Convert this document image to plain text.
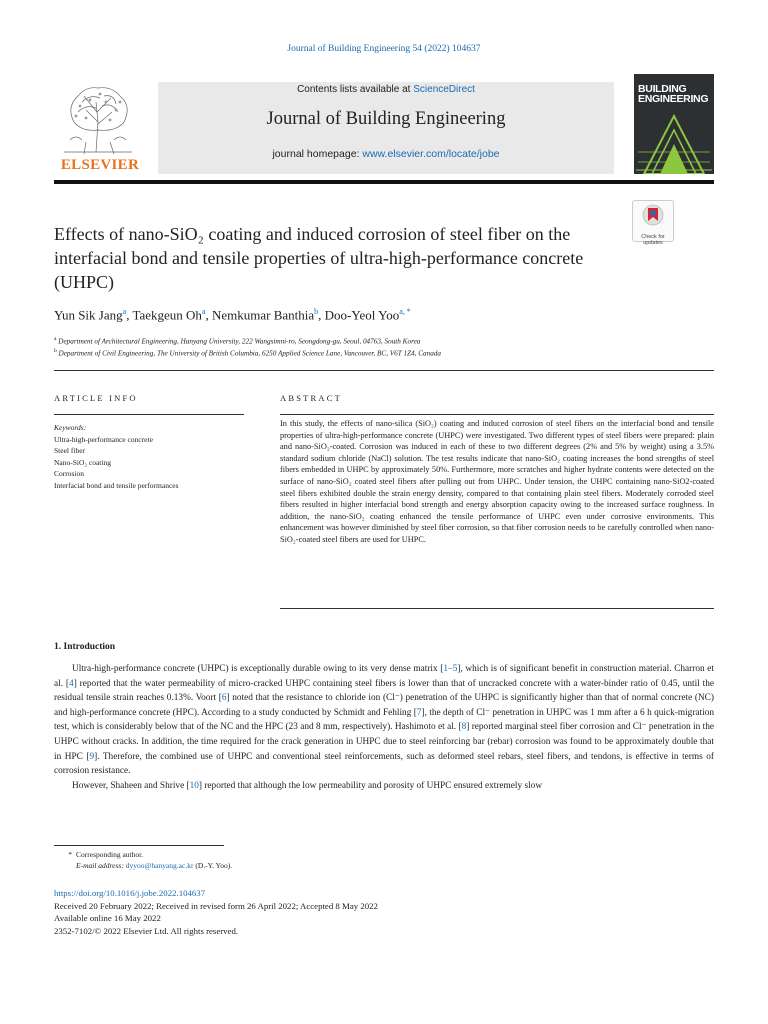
Journal of Building Engineering 54 (2022) 104637
ELSEVIER
Contents lists available at ScienceDirect
Journal of Building Engineering
journal homepage: www.elsevier.com/locate/jobe
BUILDING
ENGINEERING
Check for
updates
Effects of nano-SiO₂ coating and induced corrosion of steel fiber on the interfacial bond and tensile properties of ultra-high-performance concrete (UHPC)
Yun Sik Jang$^a$, Taekgeun Oh$^a$, Nemkumar Banthia$^b$, Doo-Yeol Yoo$^{a, *}$
$^a$ Department of Architectural Engineering, Hanyang University, 222 Wangsimni-ro, Seongdong-gu, Seoul, 04763, South Korea
$^b$ Department of Civil Engineering, The University of British Columbia, 6250 Applied Science Lane, Vancouver, BC, V6T 1Z4, Canada
ARTICLE INFO
Keywords:
Ultra-high-performance concrete
Steel fiber
Nano-SiO₂ coating
Corrosion
Interfacial bond and tensile performances
ABSTRACT
In this study, the effects of nano-silica (SiO₂) coating and induced corrosion of steel fibers on the interfacial bond and tensile properties of ultra-high-performance concrete (UHPC) were investigated. Two different types of steel fibers were prepared: plain and nano-SiO₂-coated. Corrosion was induced in each of these to two different degrees (2% and 5% by weight) using a 3.5% standard sodium chloride (NaCl) solution. The test results indicate that nano-SiO₂ coating increases the bond strengths of steel fibers embedded in UHPC by approximately 50%. Furthermore, more scratches and higher hydrate contents were detected on the surface of nano-SiO₂ coated steel fibers after pulling out from UHPC. Under tension, the UHPC containing nano-SiO2-coated steel fibers exhibited double the strain energy density, compared to that containing plain steel fibers. Moderately corroded steel fibers resulted in higher interfacial bond strength and energy absorption capacity owing to the increased surface roughness. In addition, the nano-SiO₂ coating enhanced the tensile performance of UHPC even under corrosive environments. This enhancement was however diminished by steel fiber corrosion, so that fiber corrosion needs to be carefully controlled when nano-SiO₂-coated steel fibers are used for UHPC.
1. Introduction

Ultra-high-performance concrete (UHPC) is exceptionally durable owing to its very dense matrix [1–5], which is of significant benefit in construction material. Charron et al. [4] reported that the water permeability of micro-cracked UHPC containing steel fibers is lower than that of uncracked concrete with a water-binder ratio of 0.45, until the residual tensile strain reaches 0.13%. Voort [6] noted that the resistance to chloride ion (Cl⁻) penetration of the UHPC is significantly higher than that of normal concrete (NC) and high-performance concrete (HPC). According to a study conducted by Schmidt and Fehling [7], the depth of Cl⁻ penetration in UHPC was 1 mm after a 6 h quick-migration test, which is considerably below that of the NC and the HPC (23 and 8 mm, respectively). Hashimoto et al. [8] reported marginal steel fiber corrosion and Cl⁻ penetration in the UHPC without cracks. In addition, the time required for the crack generation in UHPC due to steel reinforcing bar (rebar) corrosion was found to be approximately double that in HPC [9]. Therefore, the combined use of UHPC and conventional steel reinforcements, such as deformed steel rebars, steel fibers, and tendons, is effective in terms of corrosion resistance.

However, Shaheen and Shrive [10] reported that although the low permeability and porosity of UHPC ensured extremely slow

* Corresponding author.
E-mail address: dyyoo@hanyang.ac.kr (D.-Y. Yoo).
https://doi.org/10.1016/j.jobe.2022.104637
Received 20 February 2022; Received in revised form 26 April 2022; Accepted 8 May 2022
Available online 16 May 2022
2352-7102/© 2022 Elsevier Ltd. All rights reserved.
